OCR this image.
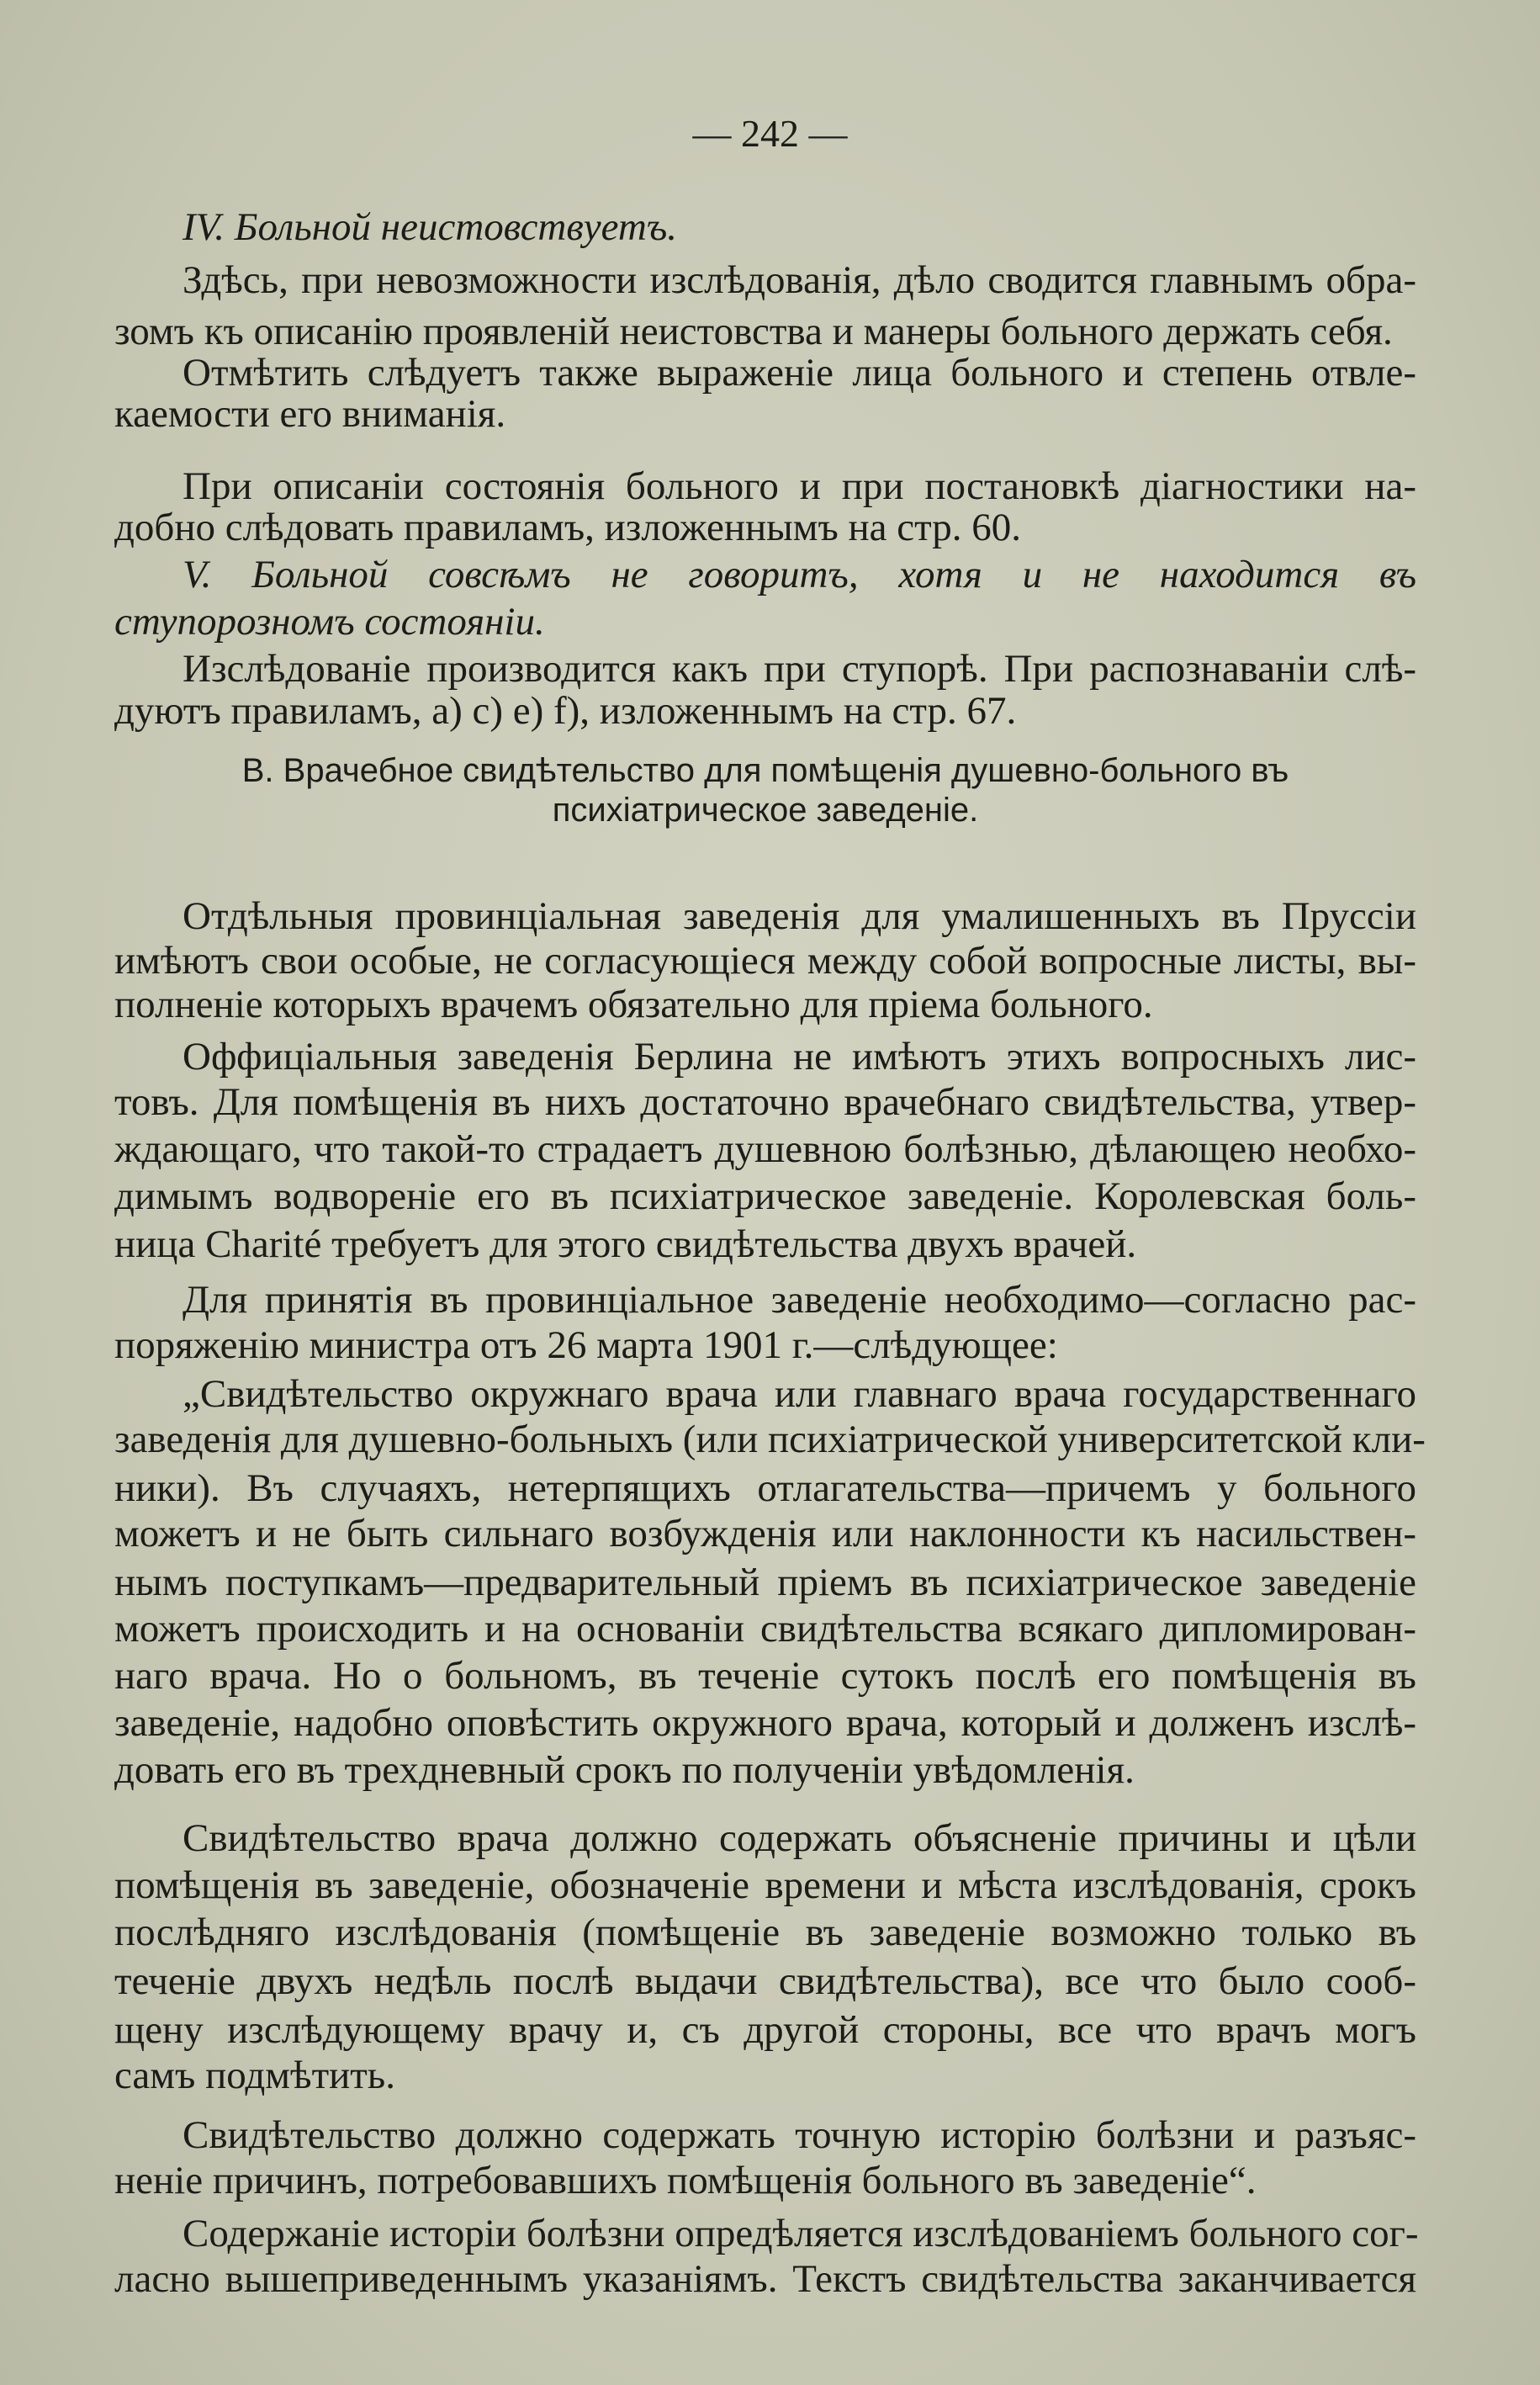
— 242 —
IV. Больной неистовствуетъ.
Здѣсь, при невозможности изслѣдованія, дѣло сводится главнымъ обра-
зомъ къ описанію проявленій неистовства и манеры больного держать себя.
Отмѣтить слѣдуетъ также выраженіе лица больного и степень отвле-
каемости его вниманія.
При описаніи состоянія больного и при постановкѣ діагностики на-
добно слѣдовать правиламъ, изложеннымъ на стр. 60.
V. Больной совсѣмъ не говоритъ, хотя и не находится въ
ступорозномъ состояніи.
Изслѣдованіе производится какъ при ступорѣ. При распознаваніи слѣ-
дуютъ правиламъ, а) с) е) f), изложеннымъ на стр. 67.
В. Врачебное свидѣтельство для помѣщенія душевно-больного въ
психіатрическое заведеніе.
Отдѣльныя провинціальная заведенія для умалишенныхъ въ Пруссіи
имѣютъ свои особые, не согласующіеся между собой вопросные листы, вы-
полненіе которыхъ врачемъ обязательно для пріема больного.
Оффиціальныя заведенія Берлина не имѣютъ этихъ вопросныхъ лис-
товъ. Для помѣщенія въ нихъ достаточно врачебнаго свидѣтельства, утвер-
ждающаго, что такой-то страдаетъ душевною болѣзнью, дѣлающею необхо-
димымъ водвореніе его въ психіатрическое заведеніе. Королевская боль-
ница Charité требуетъ для этого свидѣтельства двухъ врачей.
Для принятія въ провинціальное заведеніе необходимо—согласно рас-
поряженію министра отъ 26 марта 1901 г.—слѣдующее:
„Свидѣтельство окружнаго врача или главнаго врача государственнаго
заведенія для душевно-больныхъ (или психіатрической университетской кли-
ники). Въ случаяхъ, нетерпящихъ отлагательства—причемъ у больного
можетъ и не быть сильнаго возбужденія или наклонности къ насильствен-
нымъ поступкамъ—предварительный пріемъ въ психіатрическое заведеніе
можетъ происходить и на основаніи свидѣтельства всякаго дипломирован-
наго врача. Но о больномъ, въ теченіе сутокъ послѣ его помѣщенія въ
заведеніе, надобно оповѣстить окружного врача, который и долженъ изслѣ-
довать его въ трехдневный срокъ по полученіи увѣдомленія.
Свидѣтельство врача должно содержать объясненіе причины и цѣли
помѣщенія въ заведеніе, обозначеніе времени и мѣста изслѣдованія, срокъ
послѣдняго изслѣдованія (помѣщеніе въ заведеніе возможно только въ
теченіе двухъ недѣль послѣ выдачи свидѣтельства), все что было сооб-
щену изслѣдующему врачу и, съ другой стороны, все что врачъ могъ
самъ подмѣтить.
Свидѣтельство должно содержать точную исторію болѣзни и разъяс-
неніе причинъ, потребовавшихъ помѣщенія больного въ заведеніе“.
Содержаніе исторіи болѣзни опредѣляется изслѣдованіемъ больного сог-
ласно вышеприведеннымъ указаніямъ. Текстъ свидѣтельства заканчивается
